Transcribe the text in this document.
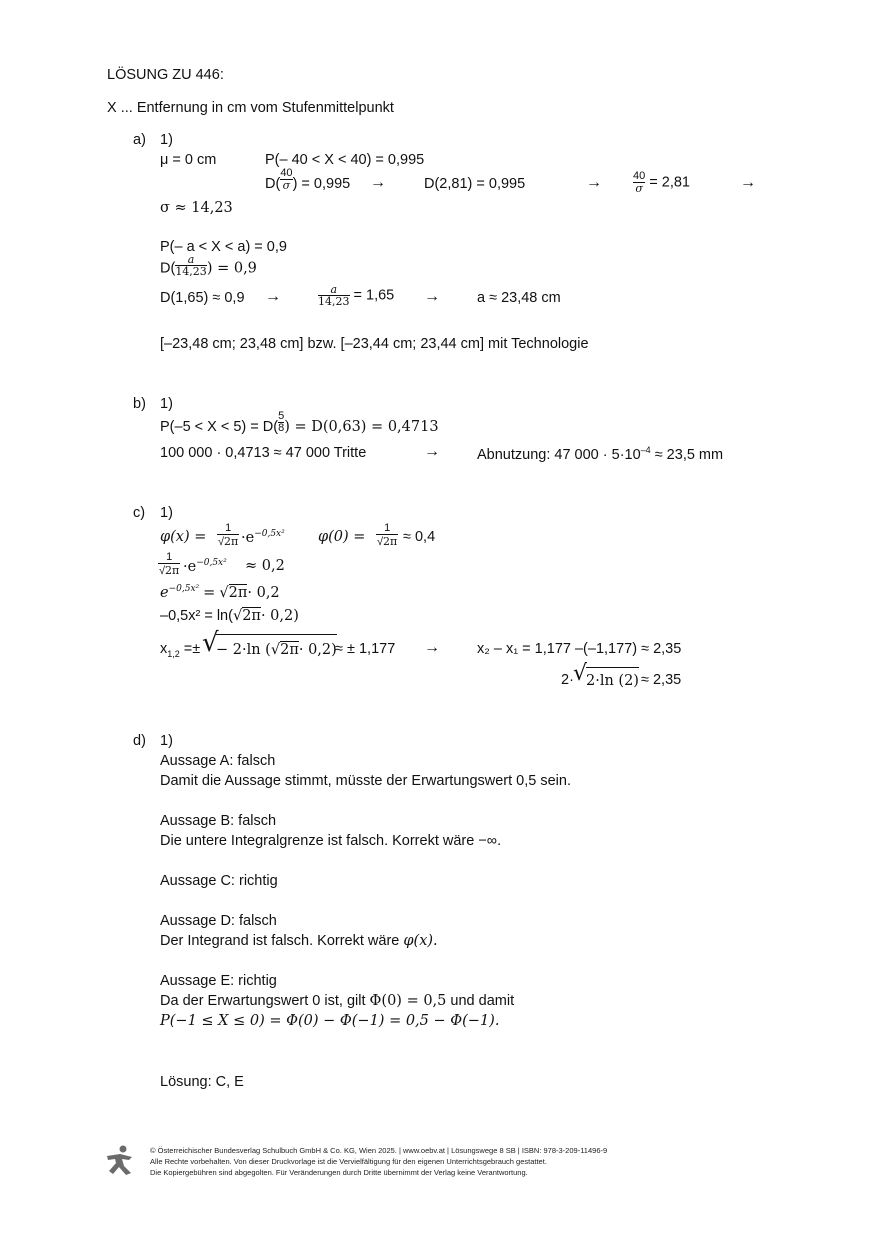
LÖSUNG ZU 446:
X ... Entfernung in cm vom Stufenmittelpunkt
a) 1)
μ = 0 cm	P(– 40 < X < 40) = 0,995
$D( \frac{40}{\sigma}$ ) = 0,995 →	D(2,81) = 0,995	→	$\frac{40}{\sigma} = 2,81$	→
σ ≈ 14,23
P(– a < X < a) = 0,9
$D( \frac{a}{14,23}$ ) = 0,9
D(1,65) ≈ 0,9 →	$\frac{a}{14,23} = 1,65$ →	a ≈ 23,48 cm
[–23,48 cm; 23,48 cm] bzw. [–23,44 cm; 23,44 cm] mit Technologie
b) 1)
$P(-5 < X < 5) = D( \frac{5}{8}$ ) = D(0,63) = 0,4713
100 000 · 0,4713 ≈ 47 000 Tritte	→	Abnutzung: 47 $000 \cdot 5\cdot 10^{-4} \approx 23,5$ mm
c) 1)
$\varphi(x) = \frac{1}{√2\pi} \cdot e^{-0,5x^2}$ $\varphi(0) = \frac{1}{√2\pi} \approx 0,4$
$\frac{1}{√2\pi} \cdot e^{-0,5x^2} \approx 0,2$
$e^{-0,5x^2} = √2\pi\cdot 0,2$
–0,5x² = ln(√2π· 0,2)
$x_{1,2}$ =± √
− 2·ln (√2π· 0,2)
≈ ± 1,177 →	x₂ – x₁ = 1,177 –(–1,177) ≈ 2,35
2· √
2·ln (2) ≈ 2,35
d) 1)
Aussage A: falsch
Damit die Aussage stimmt, müsste der Erwartungswert 0,5 sein.
Aussage B: falsch
Die untere Integralgrenze ist falsch. Korrekt wäre −∞.
Aussage C: richtig
Aussage D: falsch
Der Integrand ist falsch. Korrekt wäre φ(x).
Aussage E: richtig
Da der Erwartungswert 0 ist, gilt Φ(0) = 0,5 und damit
P(−1 ≤ X ≤ 0) = Φ(0) − Φ(−1) = 0,5 − Φ(−1).
Lösung: C, E
© Österreichischer Bundesverlag Schulbuch GmbH & Co. KG, Wien 2025. | www.oebv.at | Lösungswege 8 SB | ISBN: 978-3-209-11496-9
Alle Rechte vorbehalten. Von dieser Druckvorlage ist die Vervielfältigung für den eigenen Unterrichtsgebrauch gestattet.
Die Kopiergebühren sind abgegolten. Für Veränderungen durch Dritte übernimmt der Verlag keine Verantwortung.
